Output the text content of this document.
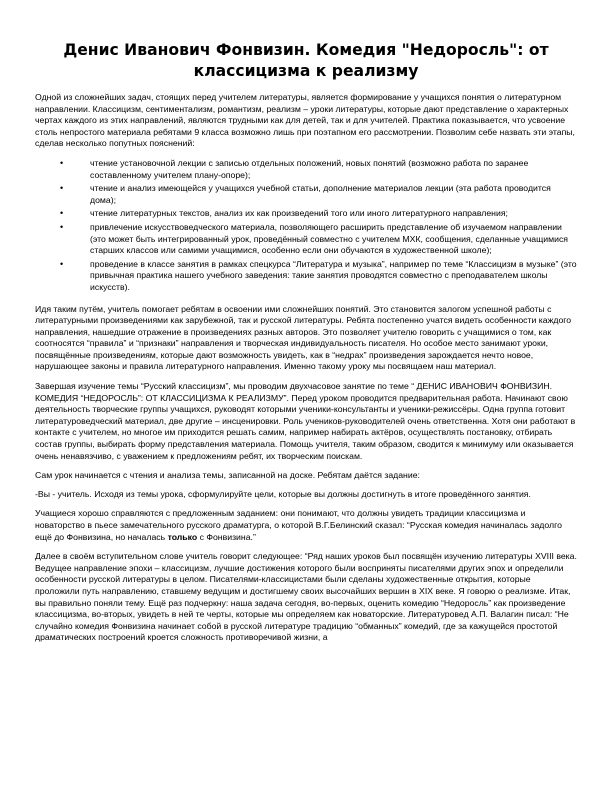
Денис Иванович Фонвизин. Комедия "Недоросль": от классицизма к реализму

Одной из сложнейших задач, стоящих перед учителем литературы, является формирование у учащихся понятия о литературном направлении. Классицизм, сентиментализм, романтизм, реализм – уроки литературы, которые дают представление о характерных чертах каждого из этих направлений, являются трудными как для детей, так и для учителей. Практика показывается, что усвоение столь непростого материала ребятами 9 класса возможно лишь при поэтапном его рассмотрении. Позволим себе назвать эти этапы, сделав несколько попутных пояснений:

• чтение установочной лекции с записью отдельных положений, новых понятий (возможно работа по заранее составленному учителем плану-опоре);
• чтение и анализ имеющейся у учащихся учебной статьи, дополнение материалов лекции (эта работа проводится дома);
• чтение литературных текстов, анализ их как произведений того или иного литературного направления;
• привлечение искусствоведческого материала, позволяющего расширить представление об изучаемом направлении (это может быть интегрированный урок, проведённый совместно с учителем МХК, сообщения, сделанные учащимися старших классов или самими учащимися, особенно если они обучаются в художественной школе);
• проведение в классе занятия в рамках спецкурса “Литература и музыка”, например по теме “Классицизм в музыке” (это привычная практика нашего учебного заведения: такие занятия проводятся совместно с преподавателем школы искусств).

Идя таким путём, учитель помогает ребятам в освоении ими сложнейших понятий. Это становится залогом успешной работы с литературными произведениями как зарубежной, так и русской литературы. Ребята постепенно учатся видеть особенности каждого направления, нашедшие отражение в произведениях разных авторов. Это позволяет учителю говорить с учащимися о том, как соотносятся “правила” и “признаки” направления и творческая индивидуальность писателя. Но особое место занимают уроки, посвящённые произведениям, которые дают возможность увидеть, как в “недрах” произведения зарождается нечто новое, нарушающее законы и правила литературного направления. Именно такому уроку мы посвящаем наш материал.

Завершая изучение темы “Русский классицизм”, мы проводим двухчасовое занятие по теме “ ДЕНИС ИВАНОВИЧ ФОНВИЗИН. КОМЕДИЯ “НЕДОРОСЛЬ”: ОТ КЛАССИЦИЗМА К РЕАЛИЗМУ”. Перед уроком проводится предварительная работа. Начинают свою деятельность творческие группы учащихся, руководят которыми ученики-консультанты и ученики-режиссёры. Одна группа готовит литературоведческий материал, две другие – инсценировки. Роль учеников-руководителей очень ответственна. Хотя они работают в контакте с учителем, но многое им приходится решать самим, например набирать актёров, осуществлять постановку, отбирать состав группы, выбирать форму представления материала. Помощь учителя, таким образом, сводится к минимуму или оказывается очень ненавязчиво, с уважением к предложениям ребят, их творческим поискам.

Сам урок начинается с чтения и анализа темы, записанной на доске. Ребятам даётся задание:

-Вы - учитель. Исходя из темы урока, сформулируйте цели, которые вы должны достигнуть в итоге проведённого занятия.

Учащиеся хорошо справляются с предложенным заданием: они понимают, что должны увидеть традиции классицизма и новаторство в пьесе замечательного русского драматурга, о которой В.Г.Белинский сказал: “Русская комедия начиналась задолго ещё до Фонвизина, но началась только с Фонвизина.”

Далее в своём вступительном слове учитель говорит следующее: “Ряд наших уроков был посвящён изучению литературы XVIII века. Ведущее направление эпохи – классицизм, лучшие достижения которого были восприняты писателями других эпох и определили особенности русской литературы в целом. Писателями-классицистами были сделаны художественные открытия, которые проложили путь направлению, ставшему ведущим и достигшему своих высочайших вершин в XIX веке. Я говорю о реализме. Итак, вы правильно поняли тему. Ещё раз подчеркну: наша задача сегодня, во-первых, оценить комедию “Недоросль” как произведение классицизма, во-вторых, увидеть в ней те черты, которые мы определяем как новаторские. Литературовед А.П. Валагин писал: “Не случайно комедия Фонвизина начинает собой в русской литературе традицию “обманных” комедий, где за кажущейся простотой драматических построений кроется сложность противоречивой жизни, а
